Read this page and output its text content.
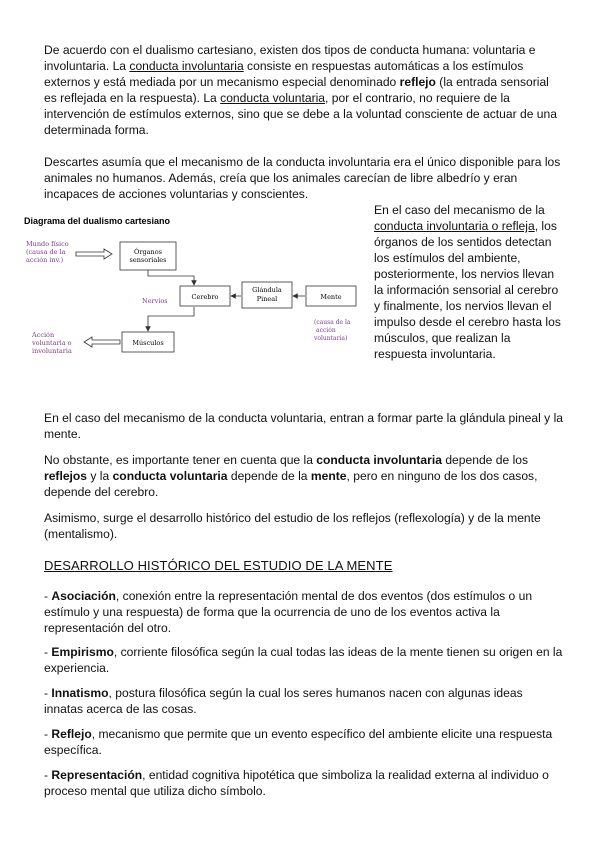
De acuerdo con el dualismo cartesiano, existen dos tipos de conducta humana: voluntaria e involuntaria. La conducta involuntaria consiste en respuestas automáticas a los estímulos externos y está mediada por un mecanismo especial denominado reflejo (la entrada sensorial es reflejada en la respuesta). La conducta voluntaria, por el contrario, no requiere de la intervención de estímulos externos, sino que se debe a la voluntad consciente de actuar de una determinada forma.

Descartes asumía que el mecanismo de la conducta involuntaria era el único disponible para los animales no humanos. Además, creía que los animales carecían de libre albedrío y eran incapaces de acciones voluntarias y conscientes.

Diagrama del dualismo cartesiano
Mundo físico
(causa de la
acción inv.)
Órganos
sensoriales
Cerebro
Nervios
Glándula
Pineal	Mente
(causa de la
acción
voluntaria)
Músculos
Acción
voluntaria o
involuntaria

En el caso del mecanismo de la conducta involuntaria o refleja, los órganos de los sentidos detectan los estímulos del ambiente, posteriormente, los nervios llevan la información sensorial al cerebro y finalmente, los nervios llevan el impulso desde el cerebro hasta los músculos, que realizan la respuesta involuntaria.

En el caso del mecanismo de la conducta voluntaria, entran a formar parte la glándula pineal y la mente.

No obstante, es importante tener en cuenta que la conducta involuntaria depende de los reflejos y la conducta voluntaria depende de la mente, pero en ninguno de los dos casos, depende del cerebro.

Asimismo, surge el desarrollo histórico del estudio de los reflejos (reflexología) y de la mente (mentalismo).

DESARROLLO HISTÓRICO DEL ESTUDIO DE LA MENTE

- Asociación, conexión entre la representación mental de dos eventos (dos estímulos o un estímulo y una respuesta) de forma que la ocurrencia de uno de los eventos activa la representación del otro.

- Empirismo, corriente filosófica según la cual todas las ideas de la mente tienen su origen en la experiencia.

- Innatismo, postura filosófica según la cual los seres humanos nacen con algunas ideas innatas acerca de las cosas.

- Reflejo, mecanismo que permite que un evento específico del ambiente elicite una respuesta específica.

- Representación, entidad cognitiva hipotética que simboliza la realidad externa al individuo o proceso mental que utiliza dicho símbolo.
